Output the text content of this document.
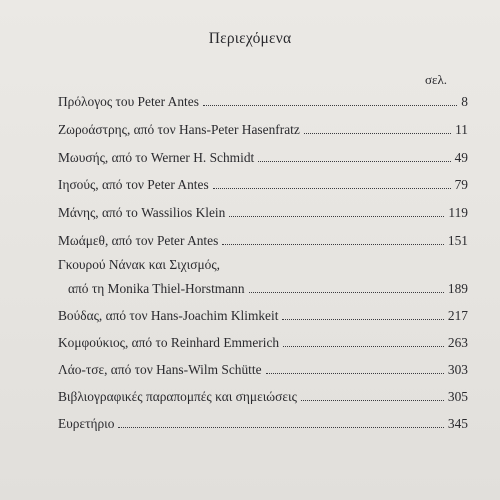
Περιεχόμενα
σελ.
Πρόλογος του Peter Antes	8
Ζωροάστρης, από τον Hans-Peter Hasenfratz	11
Μωυσής, από το Werner H. Schmidt	49
Ιησούς, από τον Peter Antes	79
Μάνης, από το Wassilios Klein	119
Μωάμεθ, από τον Peter Antes	151
Γκουρού Νάνακ και Σιχισμός,
από τη Monika Thiel-Horstmann	189
Βούδας, από τον Hans-Joachim Klimkeit	217
Κομφούκιος, από το Reinhard Emmerich	263
Λάο-τσε, από τον Hans-Wilm Schütte	303
Βιβλιογραφικές παραπομπές και σημειώσεις	305
Ευρετήριο	345
